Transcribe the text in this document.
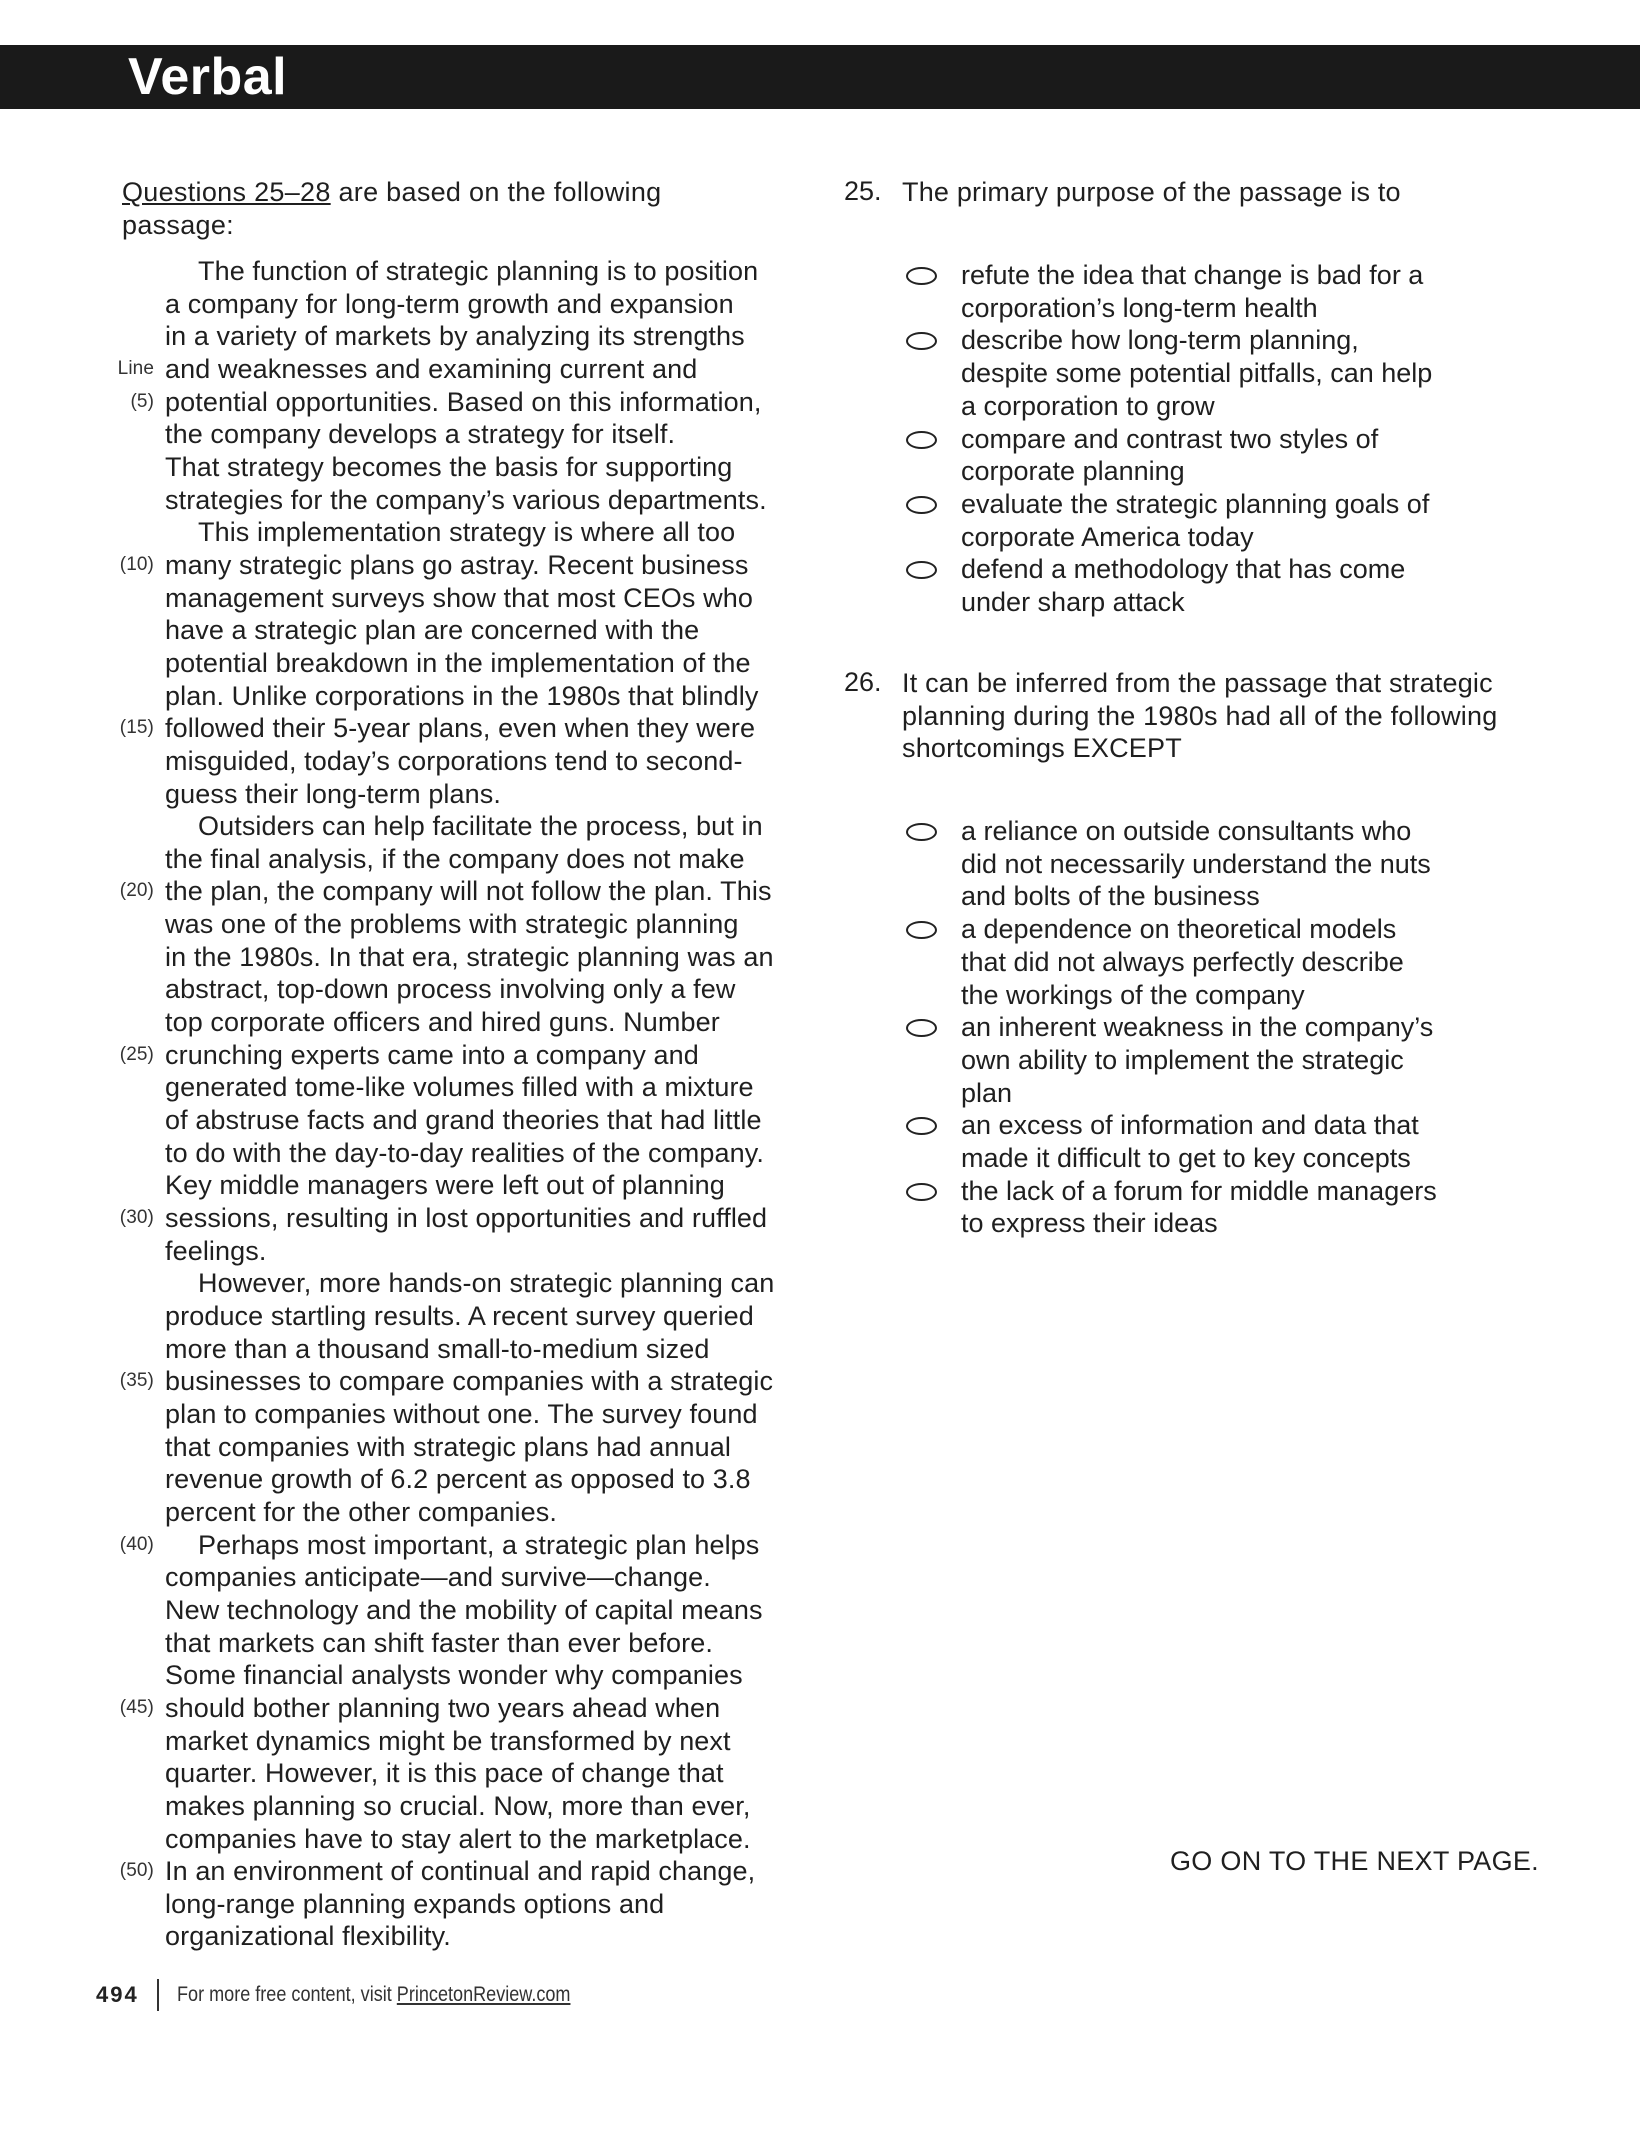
Verbal
Questions 25–28 are based on the following passage:
The function of strategic planning is to position
a company for long-term growth and expansion
in a variety of markets by analyzing its strengths
Line and weaknesses and examining current and
(5) potential opportunities. Based on this information,
the company develops a strategy for itself.
That strategy becomes the basis for supporting
strategies for the company’s various departments.
This implementation strategy is where all too
(10) many strategic plans go astray. Recent business
management surveys show that most CEOs who
have a strategic plan are concerned with the
potential breakdown in the implementation of the
plan. Unlike corporations in the 1980s that blindly
(15) followed their 5-year plans, even when they were
misguided, today’s corporations tend to second-
guess their long-term plans.
Outsiders can help facilitate the process, but in
the final analysis, if the company does not make
(20) the plan, the company will not follow the plan. This
was one of the problems with strategic planning
in the 1980s. In that era, strategic planning was an
abstract, top-down process involving only a few
top corporate officers and hired guns. Number
(25) crunching experts came into a company and
generated tome-like volumes filled with a mixture
of abstruse facts and grand theories that had little
to do with the day-to-day realities of the company.
Key middle managers were left out of planning
(30) sessions, resulting in lost opportunities and ruffled
feelings.
However, more hands-on strategic planning can
produce startling results. A recent survey queried
more than a thousand small-to-medium sized
(35) businesses to compare companies with a strategic
plan to companies without one. The survey found
that companies with strategic plans had annual
revenue growth of 6.2 percent as opposed to 3.8
percent for the other companies.
(40) Perhaps most important, a strategic plan helps
companies anticipate—and survive—change.
New technology and the mobility of capital means
that markets can shift faster than ever before.
Some financial analysts wonder why companies
(45) should bother planning two years ahead when
market dynamics might be transformed by next
quarter. However, it is this pace of change that
makes planning so crucial. Now, more than ever,
companies have to stay alert to the marketplace.
(50) In an environment of continual and rapid change,
long-range planning expands options and
organizational flexibility.
25. The primary purpose of the passage is to
refute the idea that change is bad for a corporation’s long-term health
describe how long-term planning, despite some potential pitfalls, can help a corporation to grow
compare and contrast two styles of corporate planning
evaluate the strategic planning goals of corporate America today
defend a methodology that has come under sharp attack
26. It can be inferred from the passage that strategic planning during the 1980s had all of the following shortcomings EXCEPT
a reliance on outside consultants who did not necessarily understand the nuts and bolts of the business
a dependence on theoretical models that did not always perfectly describe the workings of the company
an inherent weakness in the company’s own ability to implement the strategic plan
an excess of information and data that made it difficult to get to key concepts
the lack of a forum for middle managers to express their ideas
GO ON TO THE NEXT PAGE.
494 For more free content, visit PrincetonReview.com
